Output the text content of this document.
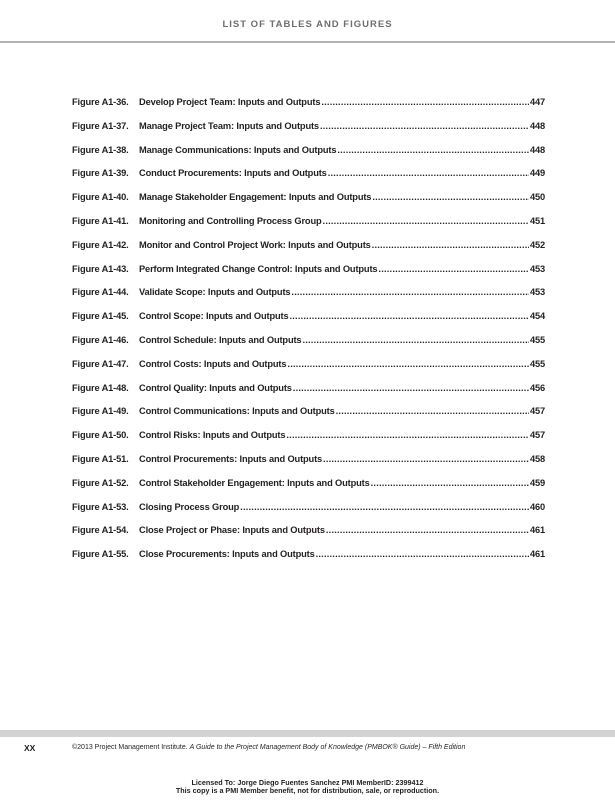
LIST OF TABLES AND FIGURES
Figure A1-36.	Develop Project Team: Inputs and Outputs .....	447
Figure A1-37.	Manage Project Team: Inputs and Outputs .....	448
Figure A1-38.	Manage Communications: Inputs and Outputs .....	448
Figure A1-39.	Conduct Procurements: Inputs and Outputs .....	449
Figure A1-40.	Manage Stakeholder Engagement: Inputs and Outputs .....	450
Figure A1-41.	Monitoring and Controlling Process Group .....	451
Figure A1-42.	Monitor and Control Project Work: Inputs and Outputs .....	452
Figure A1-43.	Perform Integrated Change Control: Inputs and Outputs .....	453
Figure A1-44.	Validate Scope: Inputs and Outputs .....	453
Figure A1-45.	Control Scope: Inputs and Outputs .....	454
Figure A1-46.	Control Schedule: Inputs and Outputs .....	455
Figure A1-47.	Control Costs: Inputs and Outputs .....	455
Figure A1-48.	Control Quality: Inputs and Outputs .....	456
Figure A1-49.	Control Communications: Inputs and Outputs .....	457
Figure A1-50.	Control Risks: Inputs and Outputs .....	457
Figure A1-51.	Control Procurements: Inputs and Outputs .....	458
Figure A1-52.	Control Stakeholder Engagement: Inputs and Outputs .....	459
Figure A1-53.	Closing Process Group .....	460
Figure A1-54.	Close Project or Phase: Inputs and Outputs .....	461
Figure A1-55.	Close Procurements: Inputs and Outputs .....	461
XX	©2013 Project Management Institute. A Guide to the Project Management Body of Knowledge (PMBOK® Guide) – Fifth Edition
Licensed To: Jorge Diego Fuentes Sanchez PMI MemberID: 2399412
This copy is a PMI Member benefit, not for distribution, sale, or reproduction.
